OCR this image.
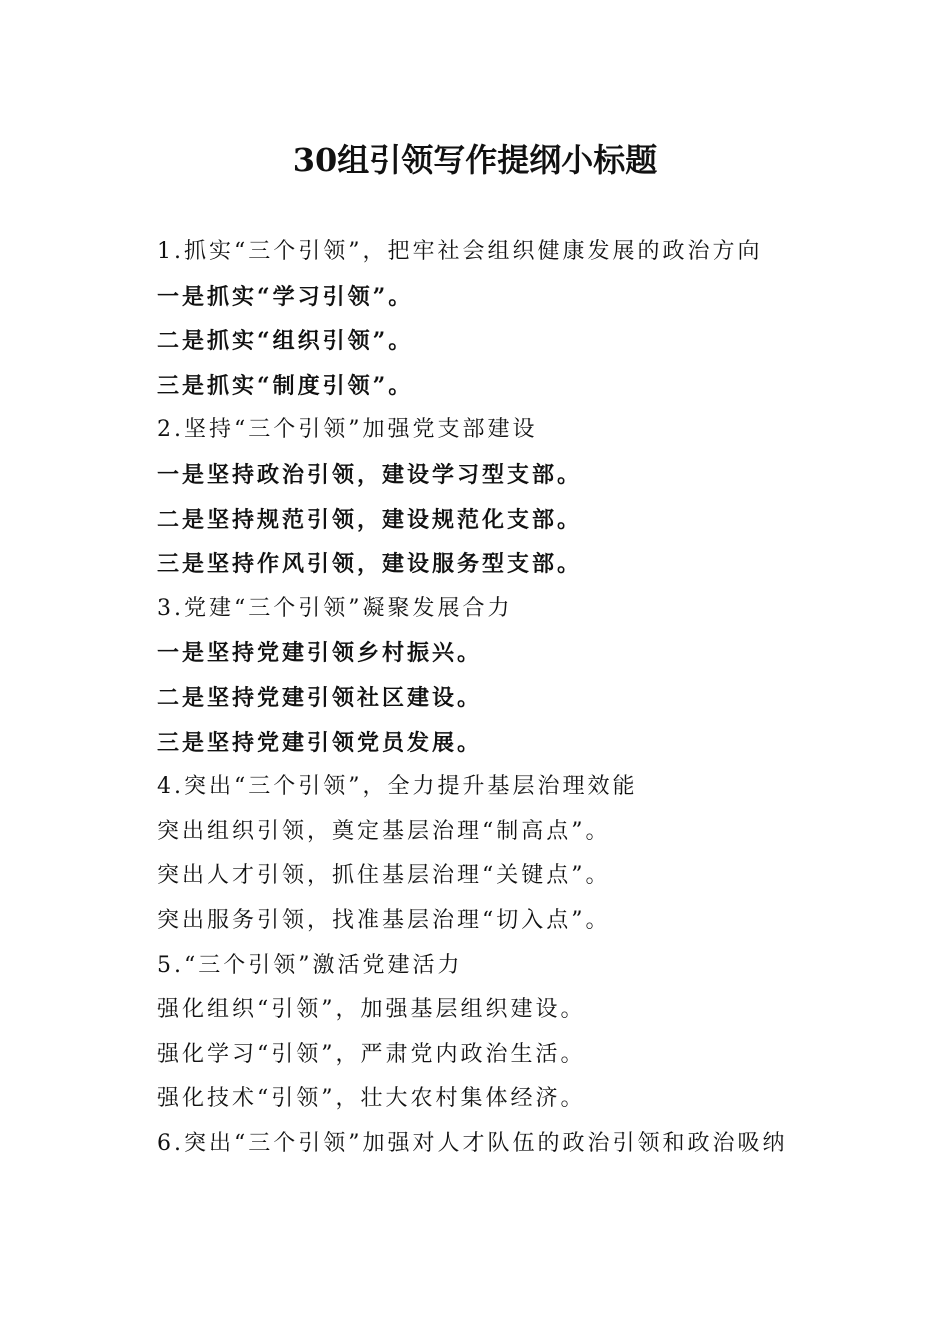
30组引领写作提纲小标题
1.抓实“三个引领”，把牢社会组织健康发展的政治方向
一是抓实“学习引领”。
二是抓实“组织引领”。
三是抓实“制度引领”。
2.坚持“三个引领”加强党支部建设
一是坚持政治引领，建设学习型支部。
二是坚持规范引领，建设规范化支部。
三是坚持作风引领，建设服务型支部。
3.党建“三个引领”凝聚发展合力
一是坚持党建引领乡村振兴。
二是坚持党建引领社区建设。
三是坚持党建引领党员发展。
4.突出“三个引领”，全力提升基层治理效能
突出组织引领，奠定基层治理“制高点”。
突出人才引领，抓住基层治理“关键点”。
突出服务引领，找准基层治理“切入点”。
5.“三个引领”激活党建活力
强化组织“引领”，加强基层组织建设。
强化学习“引领”，严肃党内政治生活。
强化技术“引领”，壮大农村集体经济。
6.突出“三个引领”加强对人才队伍的政治引领和政治吸纳
